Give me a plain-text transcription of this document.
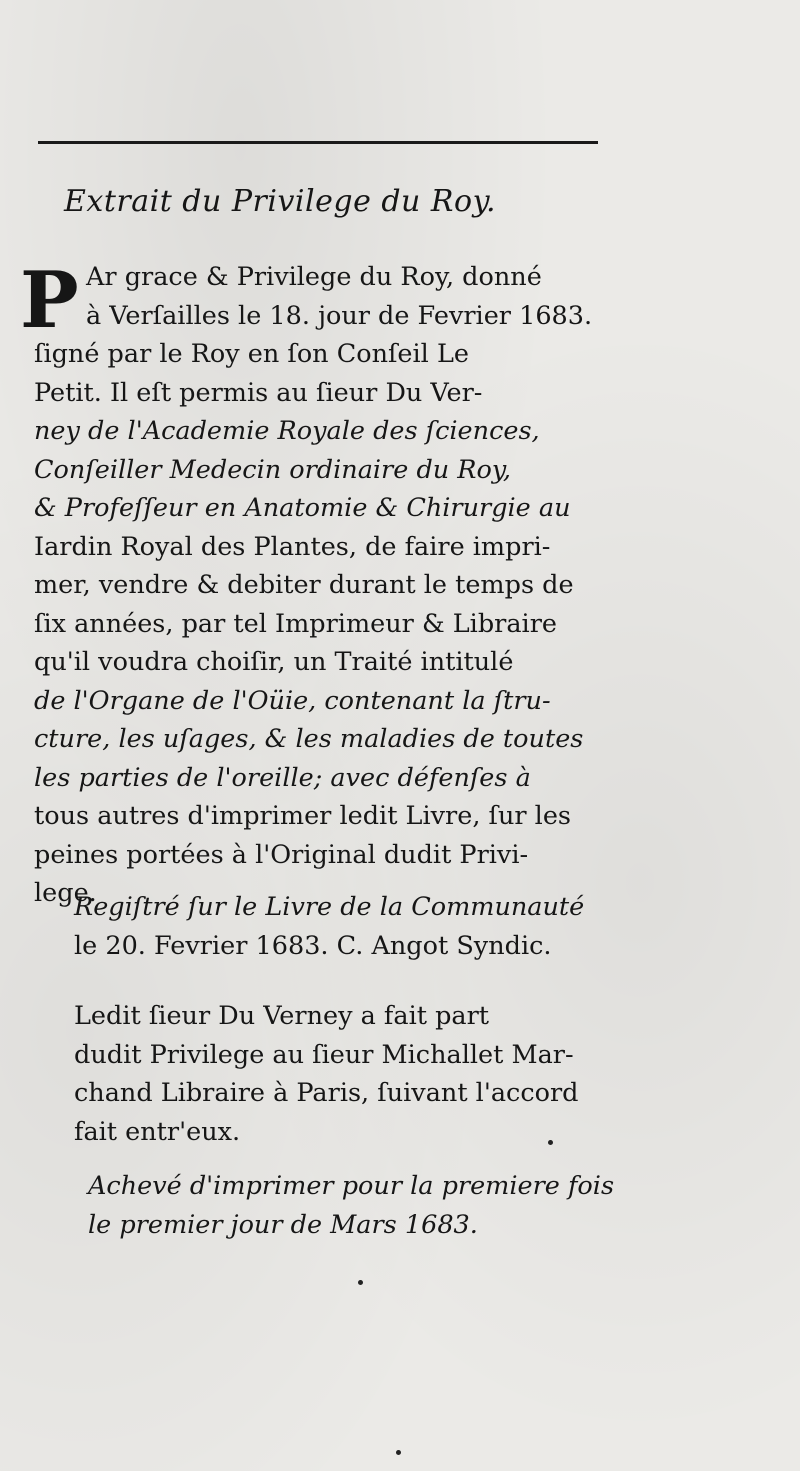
Extrait du Privilege du Roy.
P Ar grace & Privilege du Roy, donné
à Verſailles le 18. jour de Fevrier 1683.
ſigné par le Roy en ſon Conſeil Le
Petit. Il eſt permis au ſieur Du Ver-
ney de l'Academie Royale des ſciences,
Conſeiller Medecin ordinaire du Roy,
& Profeſſeur en Anatomie & Chirurgie au
Iardin Royal des Plantes, de faire impri-
mer, vendre & debiter durant le temps de
ſix années, par tel Imprimeur & Libraire
qu'il voudra choiſir, un Traité intitulé
de l'Organe de l'Oüie, contenant la ſtru-
cture, les uſages, & les maladies de toutes
les parties de l'oreille; avec défenſes à
tous autres d'imprimer ledit Livre, ſur les
peines portées à l'Original dudit Privi-
lege.
Regiſtré ſur le Livre de la Communauté
le 20. Fevrier 1683. C. Angot Syndic.
Ledit ſieur Du Verney a fait part
dudit Privilege au ſieur Michallet Mar-
chand Libraire à Paris, ſuivant l'accord
fait entr'eux.
Achevé d'imprimer pour la premiere fois
le premier jour de Mars 1683.
